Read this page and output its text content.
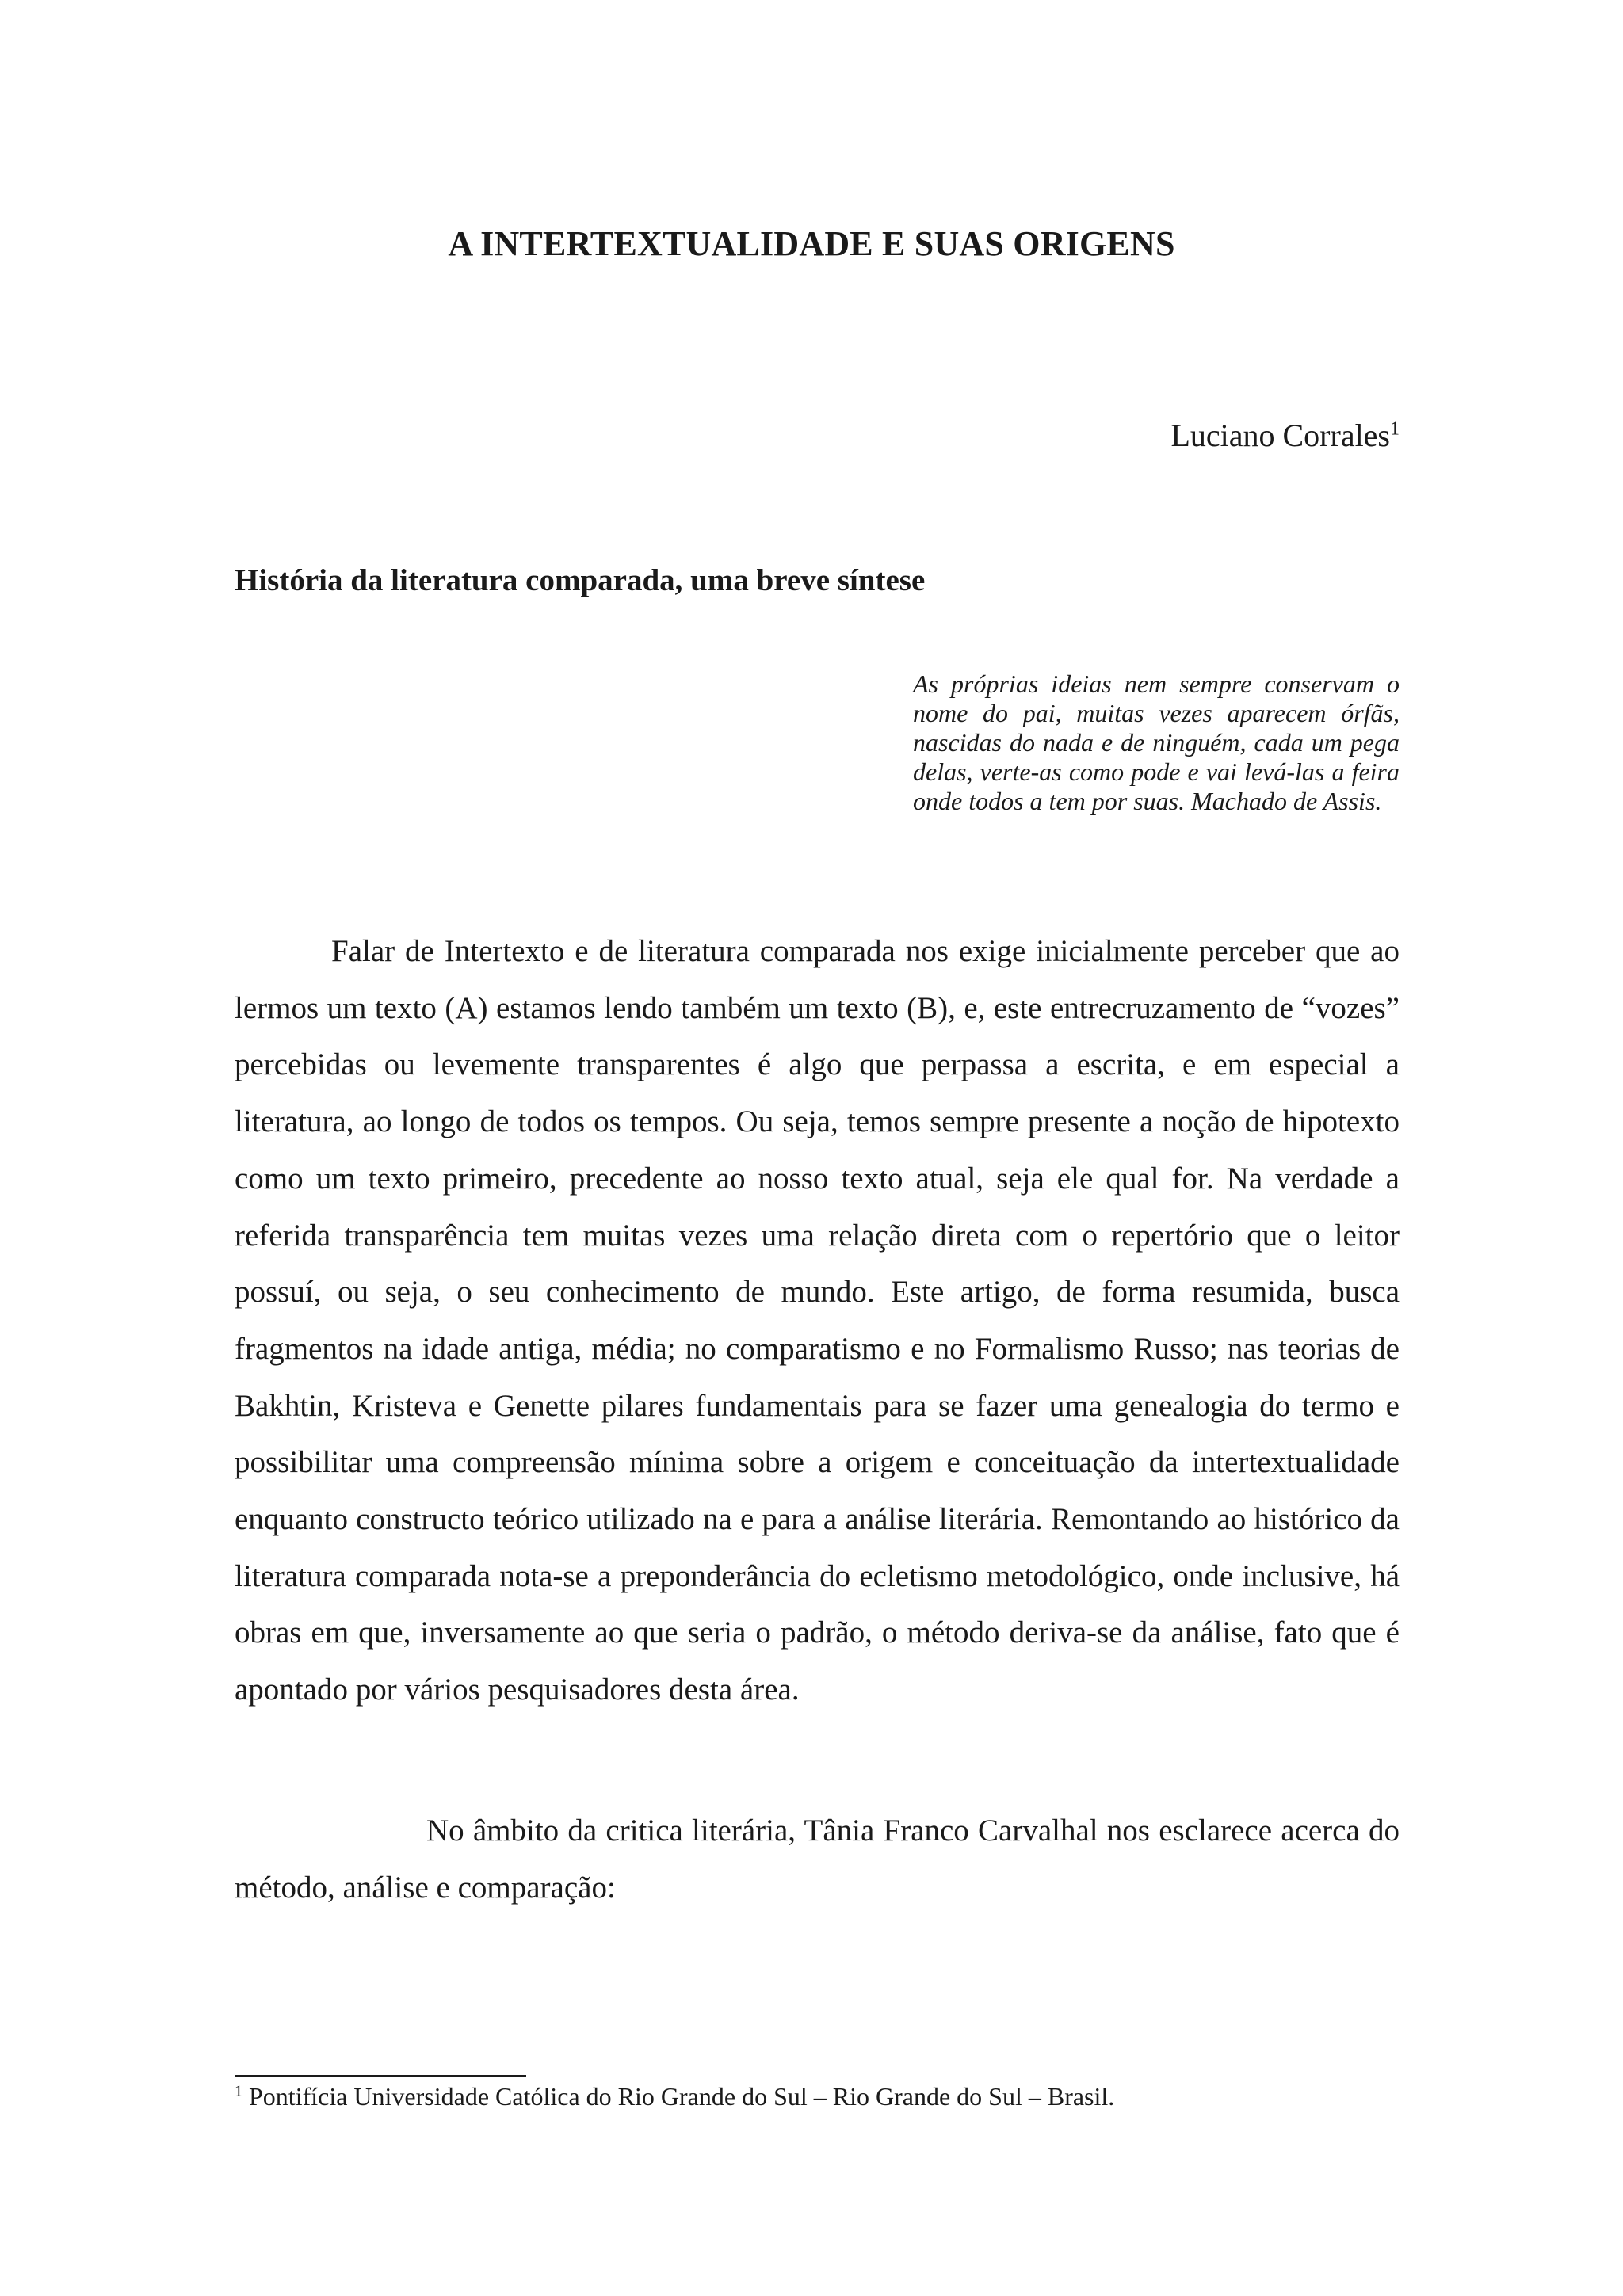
A INTERTEXTUALIDADE E SUAS ORIGENS
Luciano Corrales$^1$
História da literatura comparada, uma breve síntese
As próprias ideias nem sempre conservam o nome do pai, muitas vezes aparecem órfãs, nascidas do nada e de ninguém, cada um pega delas, verte-as como pode e vai levá-las a feira onde todos a tem por suas. Machado de Assis.

Falar de Intertexto e de literatura comparada nos exige inicialmente perceber que ao lermos um texto (A) estamos lendo também um texto (B), e, este entrecruzamento de “vozes” percebidas ou levemente transparentes é algo que perpassa a escrita, e em especial a literatura, ao longo de todos os tempos. Ou seja, temos sempre presente a noção de hipotexto como um texto primeiro, precedente ao nosso texto atual, seja ele qual for. Na verdade a referida transparência tem muitas vezes uma relação direta com o repertório que o leitor possuí, ou seja, o seu conhecimento de mundo. Este artigo, de forma resumida, busca fragmentos na idade antiga, média; no comparatismo e no Formalismo Russo; nas teorias de Bakhtin, Kristeva e Genette pilares fundamentais para se fazer uma genealogia do termo e possibilitar uma compreensão mínima sobre a origem e conceituação da intertextualidade enquanto constructo teórico utilizado na e para a análise literária. Remontando ao histórico da literatura comparada nota-se a preponderância do ecletismo metodológico, onde inclusive, há obras em que, inversamente ao que seria o padrão, o método deriva-se da análise, fato que é apontado por vários pesquisadores desta área.

No âmbito da critica literária, Tânia Franco Carvalhal nos esclarece acerca do método, análise e comparação:

$^1$ Pontifícia Universidade Católica do Rio Grande do Sul – Rio Grande do Sul – Brasil.
